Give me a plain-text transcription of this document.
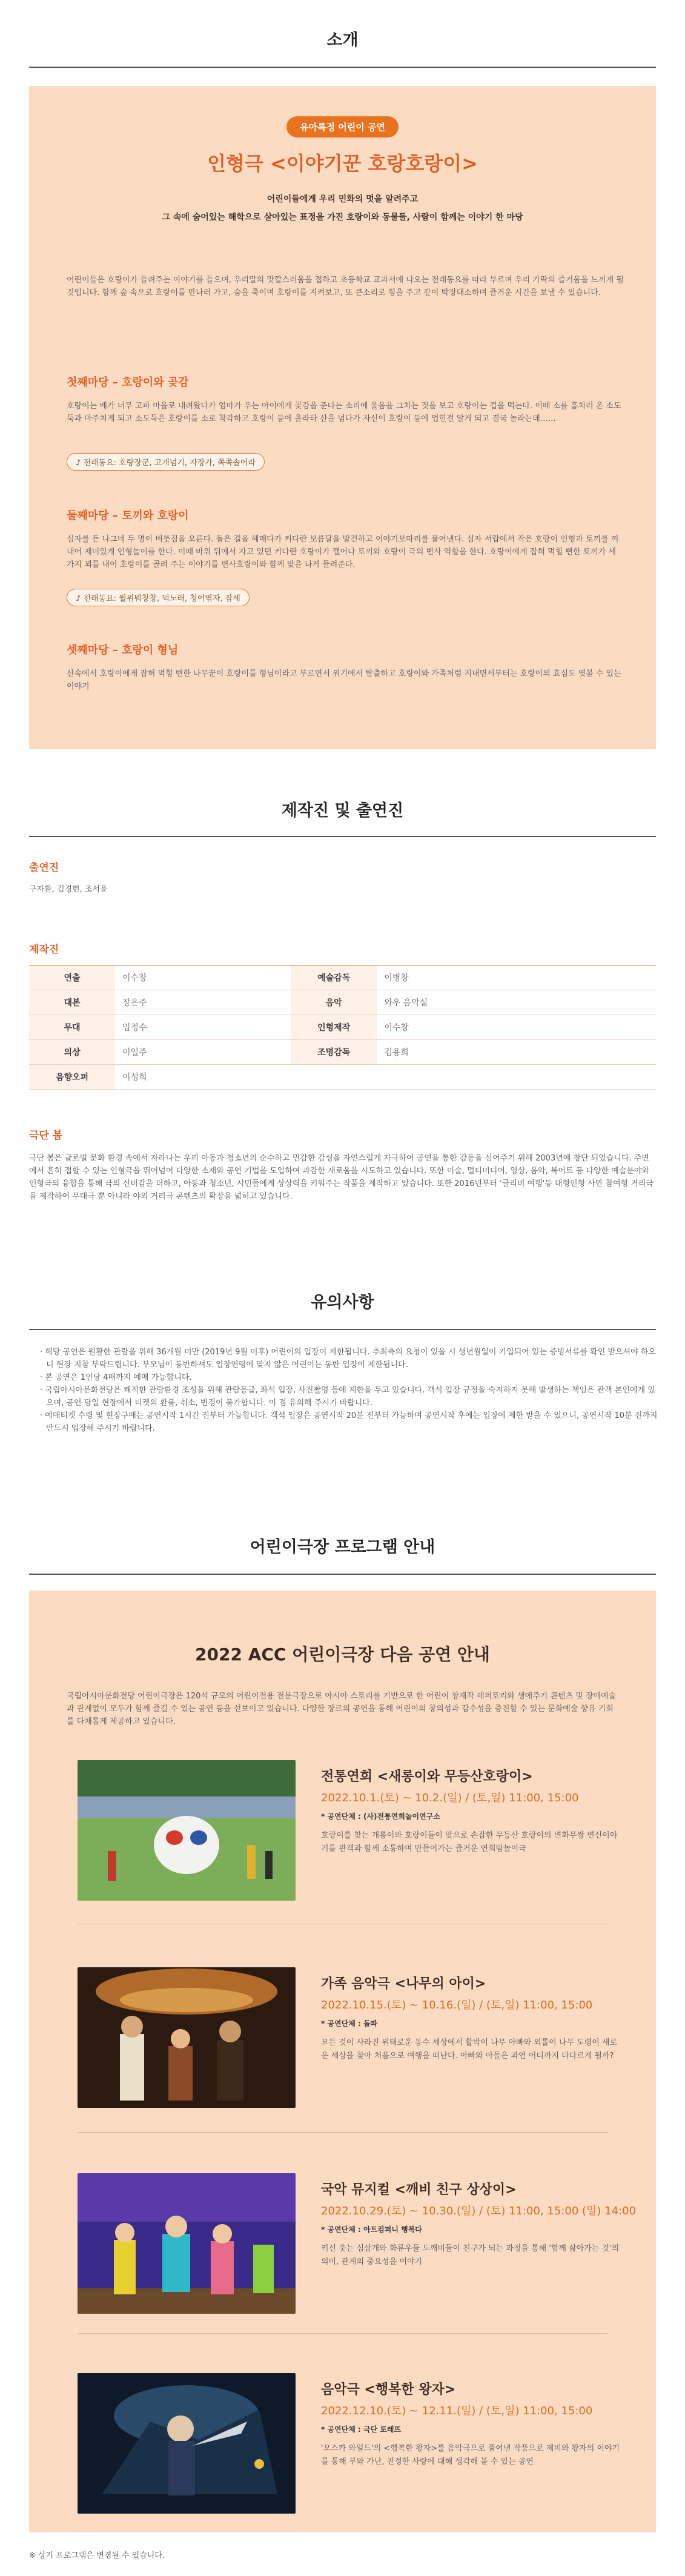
소개
유아특정 어린이 공연
인형극 <이야기꾼 호랑호랑이>
어린이들에게 우리 민화의 멋을 알려주고
그 속에 숨어있는 해학으로 살아있는 표정을 가진 호랑이와 동물들, 사람이 함께는 이야기 한 마당
어린이들은 호랑이가 들려주는 이야기를 들으며, 우리말의 맛깔스러움을 접하고 초등학교 교과서에 나오는 전래동요를 따라 부르며 우리 가락의 즐거움을 느끼게 될 것입니다. 함께 숲 속으로 호랑이를 만나러 가고, 숨을 죽이며 호랑이를 지켜보고, 또 큰소리로 힘을 주고 같이 박장대소하며 즐거운 시간을 보낼 수 있습니다.
첫째마당 – 호랑이와 곶감
호랑이는 배가 너무 고파 마을로 내려왔다가 엄마가 우는 아이에게 곶감을 준다는 소리에 울음을 그치는 것을 보고 호랑이는 겁을 먹는다. 이때 소를 훔치러 온 소도둑과 마주치게 되고 소도둑은 호랑이를 소로 착각하고 호랑이 등에 올라타 산을 넘다가 자신이 호랑이 등에 업힌걸 알게 되고 결국 놀라는데……
♪ 전래동요: 호랑장군, 고개넘기, 자장가, 쪽쪽솔어라
둘째마당 – 토끼와 호랑이
심자를 든 나그네 두 명이 벼룻짐을 오른다. 돌은 걸을 헤매다가 커다란 보름달을 발견하고 이야기보따리를 풀어낸다. 심자 서랍에서 작은 호랑이 인형과 토끼를 꺼내어 재미있게 인형놀이를 한다. 이때 바위 뒤에서 자고 있던 커다란 호랑이가 깰어나 토끼와 호랑이 극의 변사 역할을 한다. 호랑이에게 잡혀 먹힐 뻔한 토끼가 세 가지 꾀를 내어 호랑이를 골려 주는 이야기를 변사호랑이와 함께 맞을 나게 들려준다.
♪ 전래동요: 뭘위뭐창창, 떡노래, 청어엮자, 잠세
셋째마당 – 호랑이 형님
산속에서 호랑이에게 잡혀 먹힐 뻔한 나무꾼이 호랑이를 형님이라고 부르면서 위기에서 탈출하고 호랑이와 가족처럼 지내면서부터는 호랑이의 효심도 엿볼 수 있는 이야기
제작진 및 출연진
출연진
구자환, 김경헌, 조서윤
제작진
연출	이수창	예술감독	이병창
대본	장은주	음악	와우 음악실
무대	임정수	인형제작	이수창
의상	이일주	조명감독	김용희
음향오퍼	이성희		
극단 봄
극단 봄은 글로벌 문화 환경 속에서 자라나는 우리 아동과 청소년의 순수하고 민감한 감성을 자연스럽게 자극하여 공연을 통한 감동을 심어주기 위해 2003년에 창단 되었습니다. 주변에서 흔히 접할 수 있는 인형극을 뛰어넘어 다양한 소재와 공연 기법을 도입하여 과감한 새로움을 시도하고 있습니다. 또한 미술, 멀티미디어, 영상, 음악, 복어트 등 다양한 예술분야와 인형극의 융합을 통해 극의 신비감을 더하고, 아동과 청소년, 시민들에게 상상력을 키워주는 작품을 제작하고 있습니다. 또한 2016년부터 '글리버 여행'등 대형인형 사만 참여형 거리극을 제작하여 무대극 뿐 아니라 야외 거리극 콘텐츠의 확장을 넓히고 있습니다.
유의사항
· 해당 공연은 원활한 관람을 위해 36개월 미만 (2019년 9월 이후) 어린이의 입장이 제한됩니다. 추최측의 요청이 있을 시 생년월일이 기입되어 있는 증빙서류를 확인 받으셔야 하오니 현장 지참 부탁드립니다. 부모님이 동반하셔도 입장연령에 맞지 않은 어린이는 동반 입장이 제한됩니다.
· 본 공연은 1인당 4매까지 예매 가능합니다.
· 국립아시아문화전당은 쾌적한 관람환경 조성을 위해 관람등급, 좌석 입장, 사진촬영 등에 제한을 두고 있습니다. 객석 입장 규정을 숙지하지 못해 발생하는 책임은 관객 본인에게 있으며, 공연 당일 현장에서 티켓의 환불, 취소, 변경이 불가합니다. 이 점 유의해 주시기 바랍니다.
· 예매티켓 수령 및 현장구매는 공연시작 1시간 전부터 가능합니다. 객석 입장은 공연시작 20분 전부터 가능하며 공연시작 후에는 입장에 제한 받을 수 있으니, 공연시작 10분 전까지 반드시 입장해 주시기 바랍니다.
어린이극장 프로그램 안내
2022 ACC 어린이극장 다음 공연 안내
국립아시아문화전당 어린이극장은 120석 규모의 어린이전용 전문극장으로 아시아 스토리를 기반으로 한 어린이 창제작 레퍼토리와 생애주기 콘텐츠 및 장애예술과 관계없이 모두가 함께 즐길 수 있는 공연 등을 선보이고 있습니다. 다양한 장르의 공연을 통해 어린이의 창의성과 감수성을 증진할 수 있는 문화예술 향유 기회를 다채롭게 제공하고 있습니다.
전통연희 <새롱이와 무등산호랑이>
2022.10.1.(토) ~ 10.2.(일) / (토,일) 11:00, 15:00
* 공연단체 : (사)전통연희놀이연구소
호랑이를 찾는 개롱이와 호랑이들이 맞으로 손잡한 무등산 호랑이의 변화무쌍 변신이야기를 관객과 함께 소통하며 만들어가는 즐거운 연희탐놀이극
가족 음악극 <나무의 아이>
2022.10.15.(토) ~ 10.16.(일) / (토,일) 11:00, 15:00
* 공연단체 : 돌파
모든 것이 사라진 위태로운 동수 세상에서 활박이 나무 아빠와 외톨이 나무 도령이 새로운 세상을 찾아 처음으로 여행을 떠난다. 아빠와 아들은 과연 어디까지 다다르게 될까?
국악 뮤지컬 <깨비 친구 상상이>
2022.10.29.(토) ~ 10.30.(일) / (토) 11:00, 15:00 (일) 14:00
* 공연단체 : 아트컴퍼니 행복다
키신 웃는 심삼개와 화류우들 도깨비들이 친구가 되는 과정을 통해 '함께 삶아가는 것'의 의미, 관계의 중요성을 이야기
음악극 <행복한 왕자>
2022.12.10.(토) ~ 12.11.(일) / (토,일) 11:00, 15:00
* 공연단체 : 극단 토레뜨
'오스카 와일드'의 <행복한 왕자>를 음악극으로 풀어낸 작품으로 제비와 왕자의 이야기를 통해 부와 가난, 진정한 사랑에 대해 생각해 볼 수 있는 공연
※ 상기 프로그램은 변경될 수 있습니다.
